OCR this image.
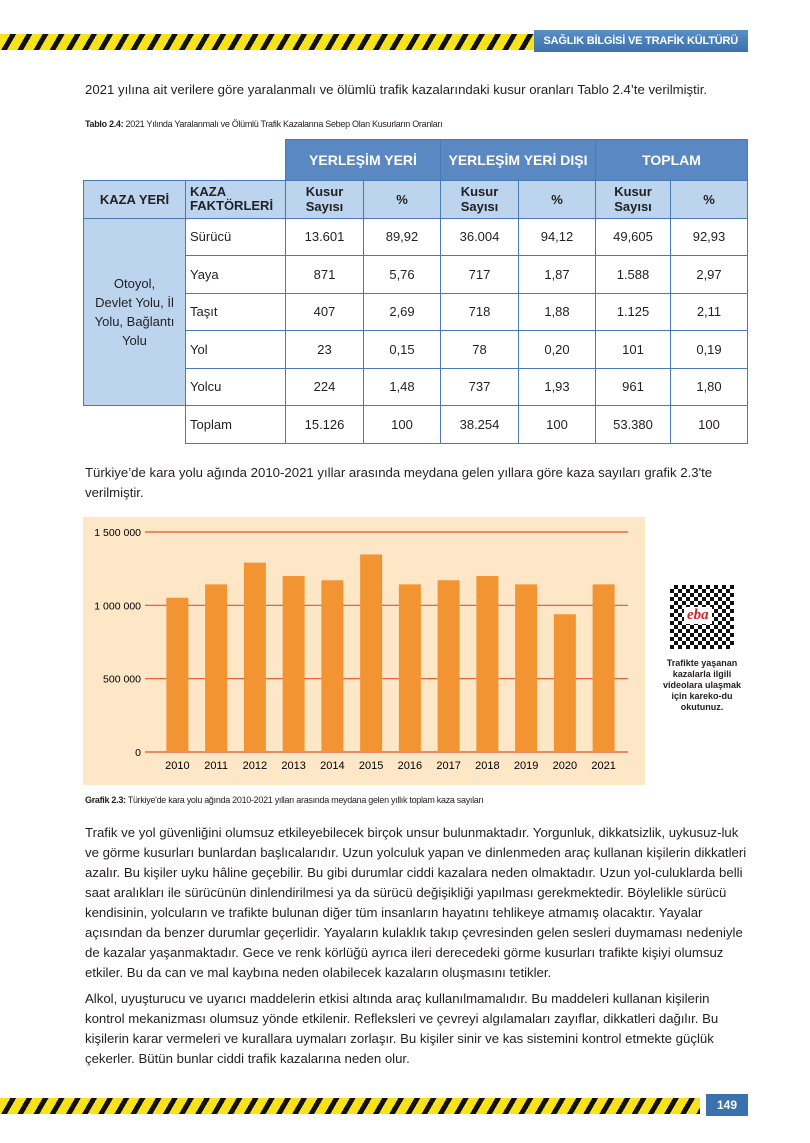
SAĞLIK BİLGİSİ VE TRAFİK KÜLTÜRÜ

2021 yılına ait verilere göre yaralanmalı ve ölümlü trafik kazalarındaki kusur oranları Tablo 2.4’te verilmiştir.

Tablo 2.4: 2021 Yılında Yaralanmalı ve Ölümlü Trafik Kazalarına Sebep Olan Kusurların Oranları
		YERLEŞİM YERİ		YERLEŞİM YERİ DIŞI		TOPLAM	
KAZA YERİ	KAZA FAKTÖRLERİ	Kusur Sayısı	%	Kusur Sayısı	%	Kusur Sayısı	%
Otoyol, Devlet Yolu, İl Yolu, Bağlantı Yolu	Sürücü	13.601	89,92	36.004	94,12	49,605	92,93
	Yaya	871	5,76	717	1,87	1.588	2,97
	Taşıt	407	2,69	718	1,88	1.125	2,11
	Yol	23	0,15	78	0,20	101	0,19
	Yolcu	224	1,48	737	1,93	961	1,80
	Toplam	15.126	100	38.254	100	53.380	100

Türkiye’de kara yolu ağında 2010-2021 yıllar arasında meydana gelen yıllara göre kaza sayıları grafik 2.3'te verilmiştir.

0
500 000
1 000 000
1 500 000
2010 2011 2012 2013 2014 2015 2016 2017 2018 2019 2020 2021
Grafik 2.3: Türkiye'de kara yolu ağında 2010-2021 yılları arasında meydana gelen yıllık toplam kaza sayıları
eba
Trafikte yaşanan kazalarla ilgili videolara ulaşmak için kareko-du okutunuz.

Trafik ve yol güvenliğini olumsuz etkileyebilecek birçok unsur bulunmaktadır. Yorgunluk, dikkatsizlik, uykusuz-luk ve görme kusurları bunlardan başlıcalarıdır. Uzun yolculuk yapan ve dinlenmeden araç kullanan kişilerin dikkatleri azalır. Bu kişiler uyku hâline geçebilir. Bu gibi durumlar ciddi kazalara neden olmaktadır. Uzun yol-culuklarda belli saat aralıkları ile sürücünün dinlendirilmesi ya da sürücü değişikliği yapılması gerekmektedir. Böylelikle sürücü kendisinin, yolcuların ve trafikte bulunan diğer tüm insanların hayatını tehlikeye atmamış olacaktır. Yayalar açısından da benzer durumlar geçerlidir. Yayaların kulaklık takıp çevresinden gelen sesleri duymaması nedeniyle de kazalar yaşanmaktadır. Gece ve renk körlüğü ayrıca ileri derecedeki görme kusurları trafikte kişiyi olumsuz etkiler. Bu da can ve mal kaybına neden olabilecek kazaların oluşmasını tetikler.

Alkol, uyuşturucu ve uyarıcı maddelerin etkisi altında araç kullanılmamalıdır. Bu maddeleri kullanan kişilerin kontrol mekanizması olumsuz yönde etkilenir. Refleksleri ve çevreyi algılamaları zayıflar, dikkatleri dağılır. Bu kişilerin karar vermeleri ve kurallara uymaları zorlaşır. Bu kişiler sinir ve kas sistemini kontrol etmekte güçlük çekerler. Bütün bunlar ciddi trafik kazalarına neden olur.

149
